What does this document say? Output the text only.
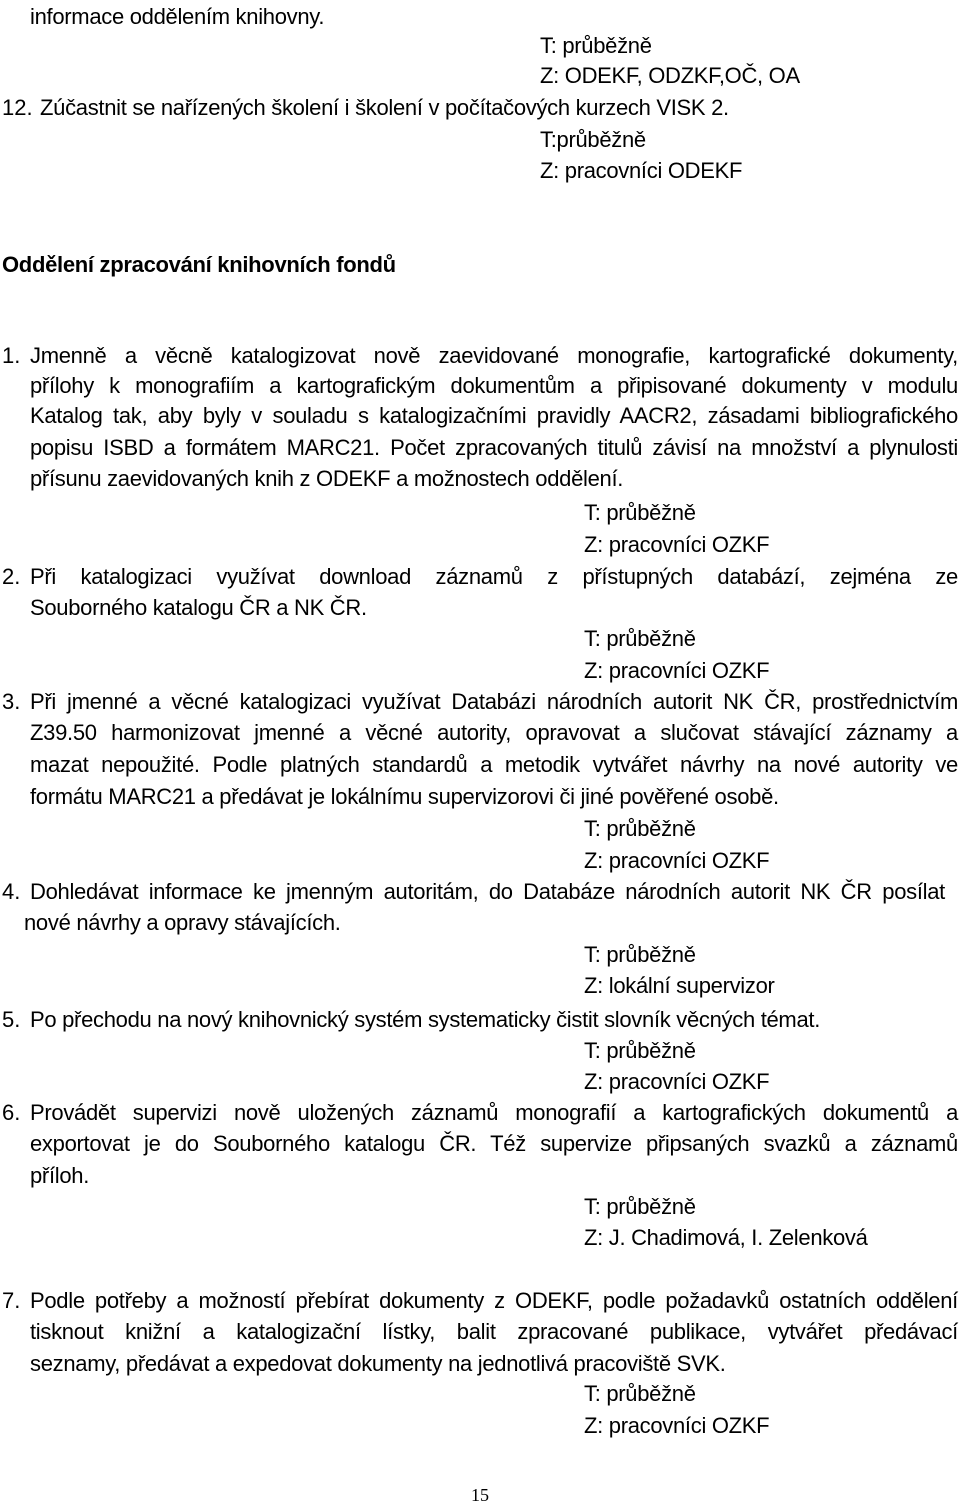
informace oddělením knihovny.
T: průběžně
Z: ODEKF, ODZKF,OČ, OA
12. Zúčastnit se nařízených školení i školení v počítačových kurzech VISK 2.
T:průběžně
Z: pracovníci ODEKF
Oddělení zpracování knihovních fondů
1. Jmenně a věcně katalogizovat nově zaevidované monografie, kartografické dokumenty,
přílohy k monografiím a kartografickým dokumentům a připisované dokumenty v modulu
Katalog tak, aby byly v souladu s katalogizačními pravidly AACR2, zásadami bibliografického
popisu ISBD a formátem MARC21. Počet zpracovaných titulů závisí na množství a plynulosti
přísunu zaevidovaných knih z ODEKF a možnostech oddělení.
T: průběžně
Z: pracovníci OZKF
2. Při katalogizaci využívat download záznamů z přístupných databází, zejména ze
Souborného katalogu ČR a NK ČR.
T: průběžně
Z: pracovníci OZKF
3. Při jmenné a věcné katalogizaci využívat Databázi národních autorit NK ČR, prostřednictvím
Z39.50 harmonizovat jmenné a věcné autority, opravovat a slučovat stávající záznamy a
mazat nepoužité. Podle platných standardů a metodik vytvářet návrhy na nové autority ve
formátu MARC21 a předávat je lokálnímu supervizorovi či jiné pověřené osobě.
T: průběžně
Z: pracovníci OZKF
4. Dohledávat informace ke jmenným autoritám, do Databáze národních autorit NK ČR posílat
nové návrhy a opravy stávajících.
T: průběžně
Z: lokální supervizor
5. Po přechodu na nový knihovnický systém systematicky čistit slovník věcných témat.
T: průběžně
Z: pracovníci OZKF
6. Provádět supervizi nově uložených záznamů monografií a kartografických dokumentů a
exportovat je do Souborného katalogu ČR. Též supervize připsaných svazků a záznamů
příloh.
T: průběžně
Z: J. Chadimová, I. Zelenková
7. Podle potřeby a možností přebírat dokumenty z ODEKF, podle požadavků ostatních oddělení
tisknout knižní a katalogizační lístky, balit zpracované publikace, vytvářet předávací
seznamy, předávat a expedovat dokumenty na jednotlivá pracoviště SVK.
T: průběžně
Z: pracovníci OZKF
15
